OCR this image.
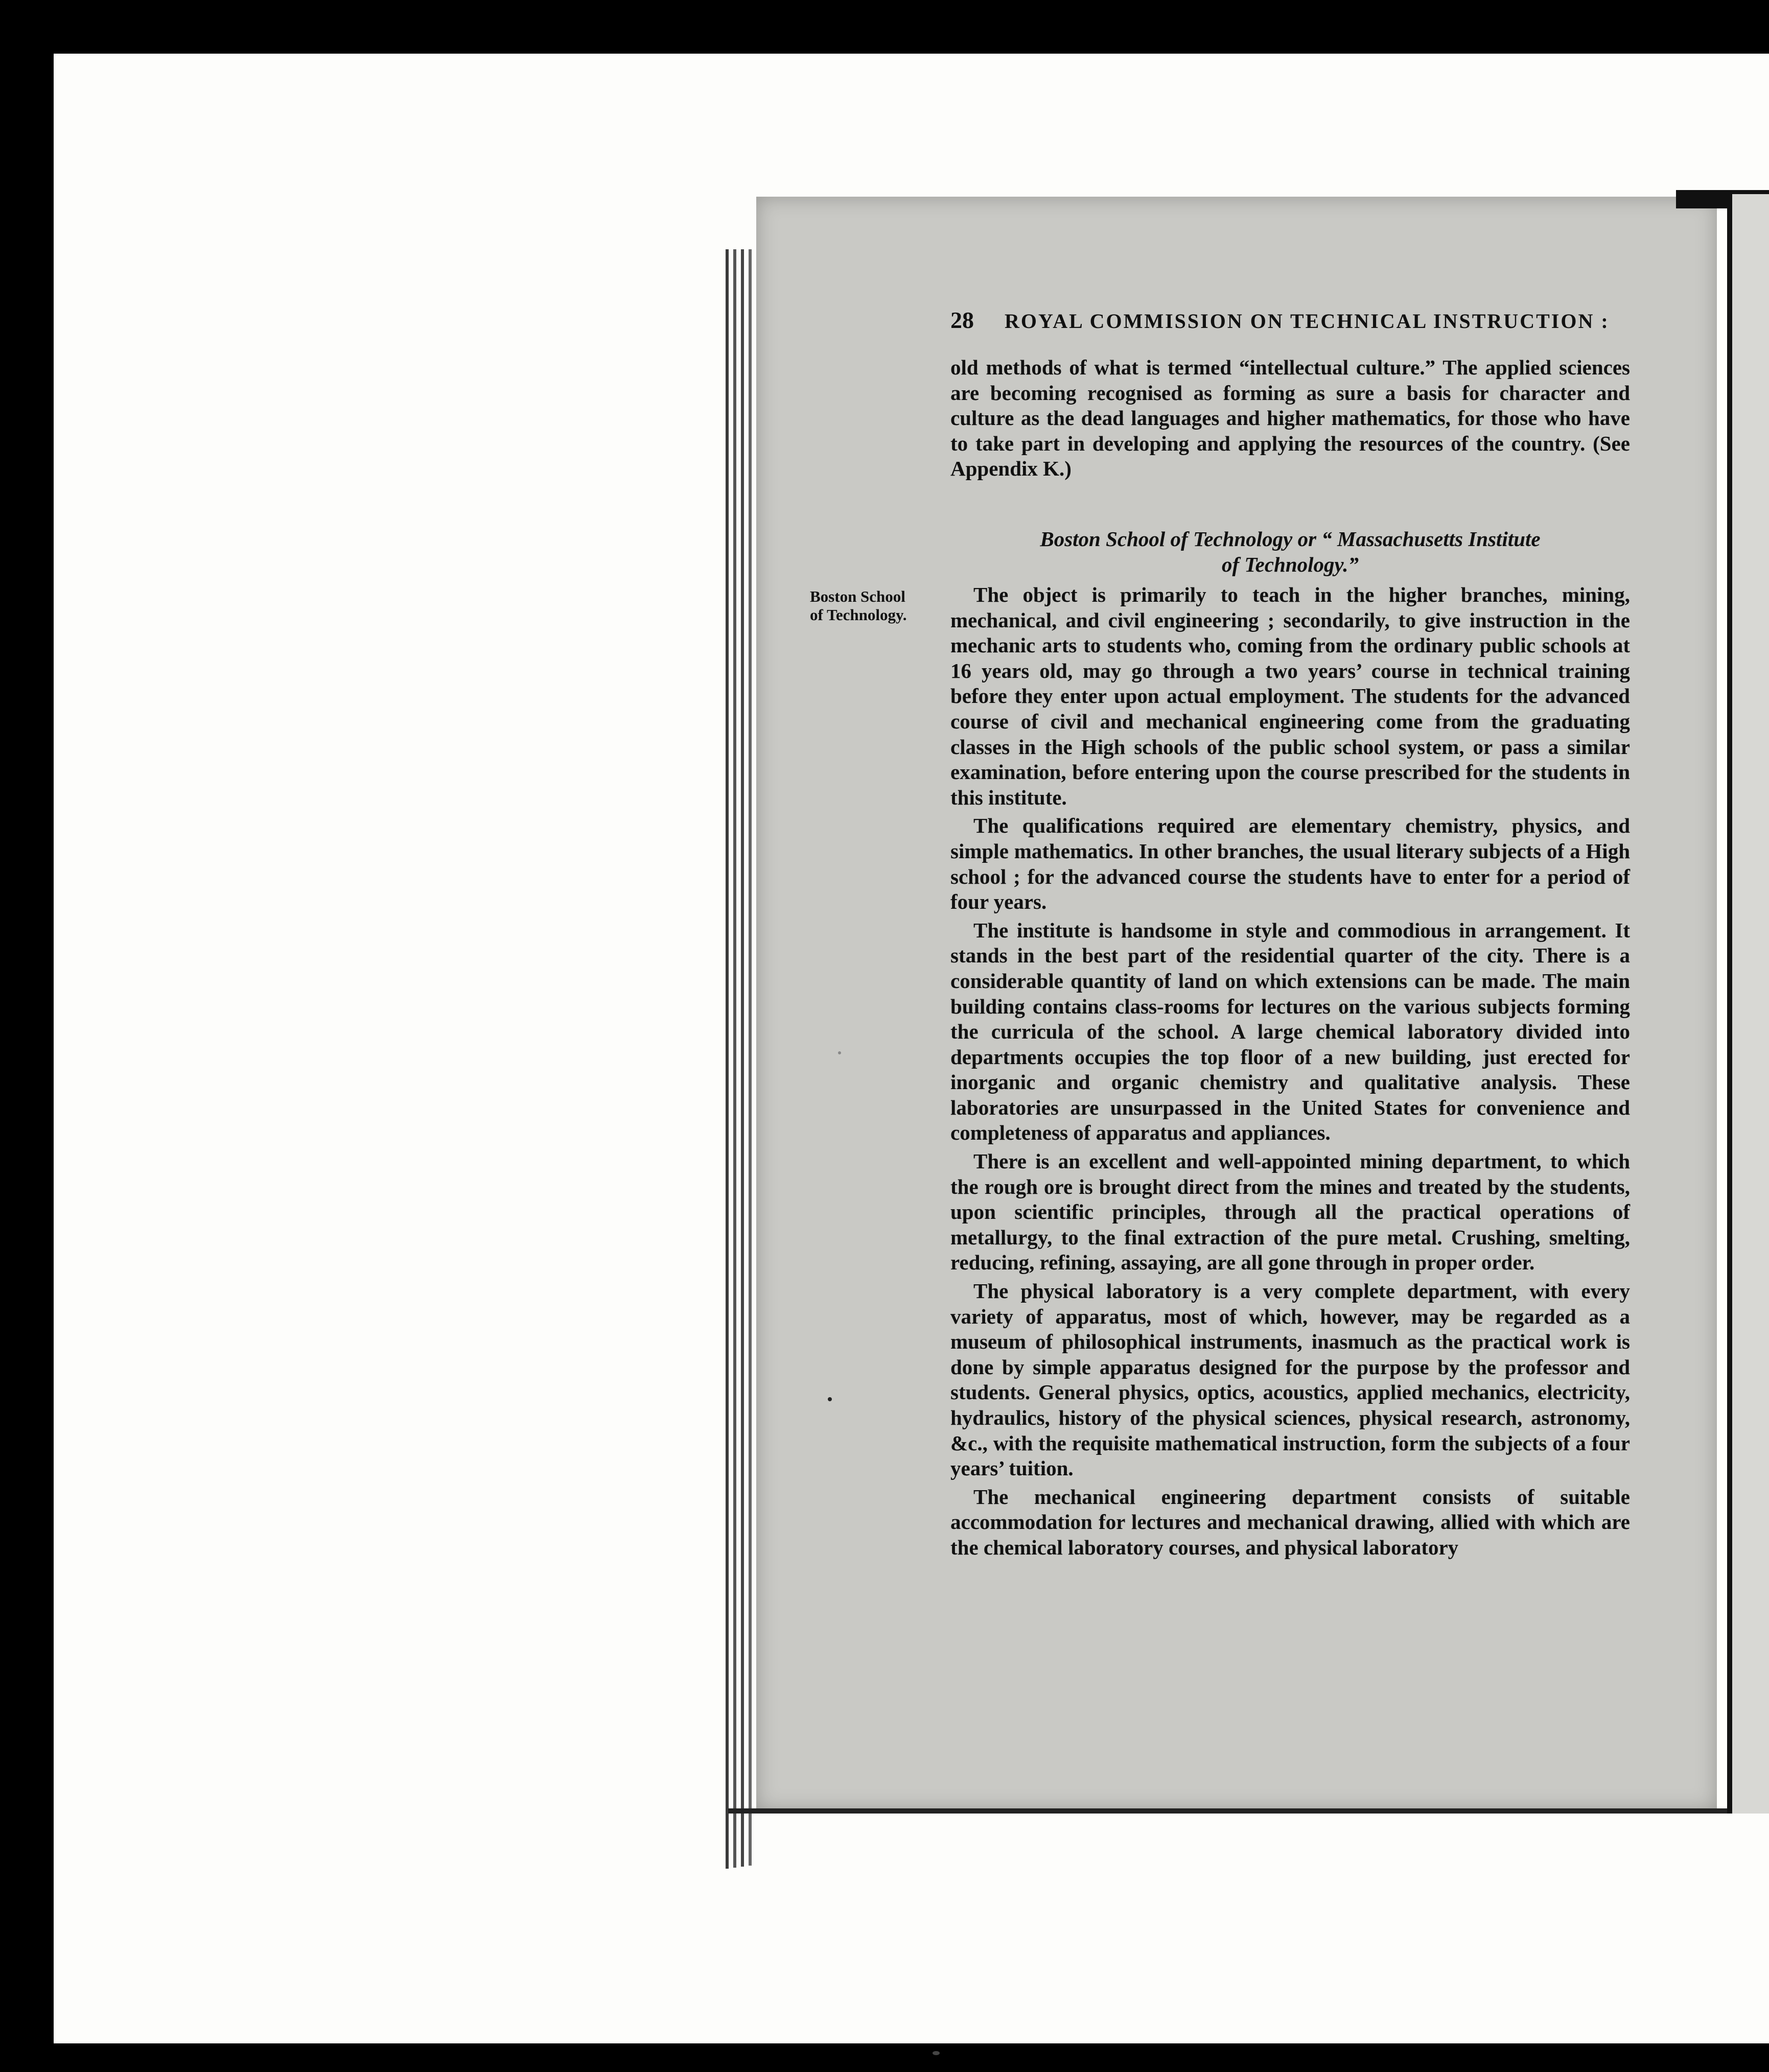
28 ROYAL COMMISSION ON TECHNICAL INSTRUCTION :

old methods of what is termed “intellectual culture.” The applied sciences are becoming recognised as forming as sure a basis for character and culture as the dead languages and higher mathematics, for those who have to take part in developing and applying the resources of the country. (See Appendix K.)

Boston School of Technology or “ Massachusetts Institute
of Technology.”
Boston School
of Technology.

The object is primarily to teach in the higher branches, mining, mechanical, and civil engineering ; secondarily, to give instruction in the mechanic arts to students who, coming from the ordinary public schools at 16 years old, may go through a two years’ course in technical training before they enter upon actual employment. The students for the advanced course of civil and mechanical engineering come from the graduating classes in the High schools of the public school system, or pass a similar examination, before entering upon the course prescribed for the students in this institute.

The qualifications required are elementary chemistry, physics, and simple mathematics. In other branches, the usual literary subjects of a High school ; for the advanced course the students have to enter for a period of four years.

The institute is handsome in style and commodious in arrangement. It stands in the best part of the residential quarter of the city. There is a considerable quantity of land on which extensions can be made. The main building contains class-rooms for lectures on the various subjects forming the curricula of the school. A large chemical laboratory divided into departments occupies the top floor of a new building, just erected for inorganic and organic chemistry and qualitative analysis. These laboratories are unsurpassed in the United States for convenience and completeness of apparatus and appliances.

There is an excellent and well-appointed mining department, to which the rough ore is brought direct from the mines and treated by the students, upon scientific principles, through all the practical operations of metallurgy, to the final extraction of the pure metal. Crushing, smelting, reducing, refining, assaying, are all gone through in proper order.

The physical laboratory is a very complete department, with every variety of apparatus, most of which, however, may be regarded as a museum of philosophical instruments, inasmuch as the practical work is done by simple apparatus designed for the purpose by the professor and students. General physics, optics, acoustics, applied mechanics, electricity, hydraulics, history of the physical sciences, physical research, astronomy, &c., with the requisite mathematical instruction, form the subjects of a four years’ tuition.

The mechanical engineering department consists of suitable accommodation for lectures and mechanical drawing, allied with which are the chemical laboratory courses, and physical laboratory
